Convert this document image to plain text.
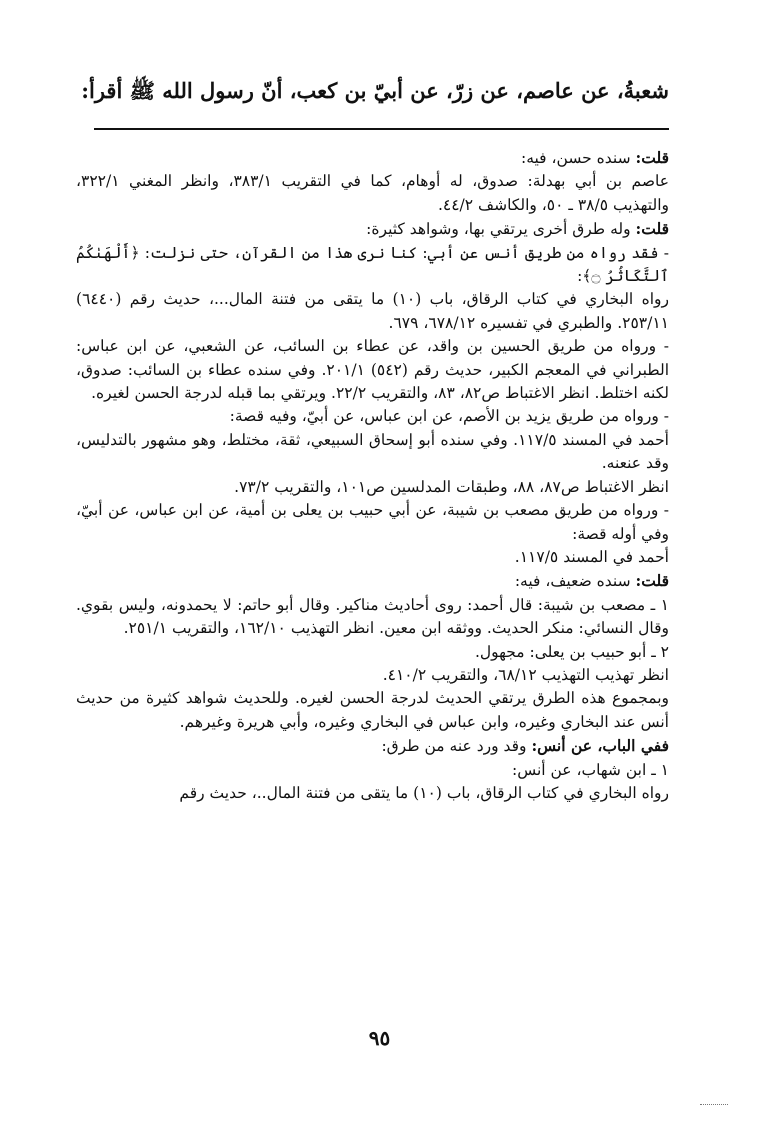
شعبةُ، عن عاصم، عن زرّ، عن أبيّ بن كعب، أنّ رسول الله ﷺ أقرأ:

قلت: سنده حسن، فيه:

عاصم بن أبي بهدلة: صدوق، له أوهام، كما في التقريب ٣٨٣/١، وانظر المغني ٣٢٢/١، والتهذيب ٣٨/٥ ـ ٥٠، والكاشف ٤٤/٢.

قلت: وله طرق أخرى يرتقي بها، وشواهد كثيرة:

- فقد رواه من طريق أنس عن أبي: كنا نرى هذا من القرآن، حتى نزلت: ﴿أَلْهَىٰكُمُ ٱلتَّكَاثُرُ ۝﴾:

رواه البخاري في كتاب الرقاق، باب (١٠) ما يتقى من فتنة المال...، حديث رقم (٦٤٤٠) ٢٥٣/١١. والطبري في تفسيره ٦٧٨/١٢، ٦٧٩.

- ورواه من طريق الحسين بن واقد، عن عطاء بن السائب، عن الشعبي، عن ابن عباس: الطبراني في المعجم الكبير، حديث رقم (٥٤٢) ٢٠١/١. وفي سنده عطاء بن السائب: صدوق، لكنه اختلط. انظر الاغتباط ص٨٢، ٨٣، والتقريب ٢٢/٢. ويرتقي بما قبله لدرجة الحسن لغيره.

- ورواه من طريق يزيد بن الأصم، عن ابن عباس، عن أبيّ، وفيه قصة:

أحمد في المسند ١١٧/٥. وفي سنده أبو إسحاق السبيعي، ثقة، مختلط، وهو مشهور بالتدليس، وقد عنعنه.

انظر الاغتباط ص٨٧، ٨٨، وطبقات المدلسين ص١٠١، والتقريب ٧٣/٢.

- ورواه من طريق مصعب بن شيبة، عن أبي حبيب بن يعلى بن أمية، عن ابن عباس، عن أبيّ، وفي أوله قصة:

أحمد في المسند ١١٧/٥.

قلت: سنده ضعيف، فيه:

١ ـ مصعب بن شيبة: قال أحمد: روى أحاديث مناكير. وقال أبو حاتم: لا يحمدونه، وليس بقوي. وقال النسائي: منكر الحديث. ووثقه ابن معين. انظر التهذيب ١٦٢/١٠، والتقريب ٢٥١/١.

٢ ـ أبو حبيب بن يعلى: مجهول.

انظر تهذيب التهذيب ٦٨/١٢، والتقريب ٤١٠/٢.

وبمجموع هذه الطرق يرتقي الحديث لدرجة الحسن لغيره. وللحديث شواهد كثيرة من حديث أنس عند البخاري وغيره، وابن عباس في البخاري وغيره، وأبي هريرة وغيرهم.

ففي الباب، عن أنس: وقد ورد عنه من طرق:

١ ـ ابن شهاب، عن أنس:

رواه البخاري في كتاب الرقاق، باب (١٠) ما يتقى من فتنة المال..، حديث رقم

٩٥
